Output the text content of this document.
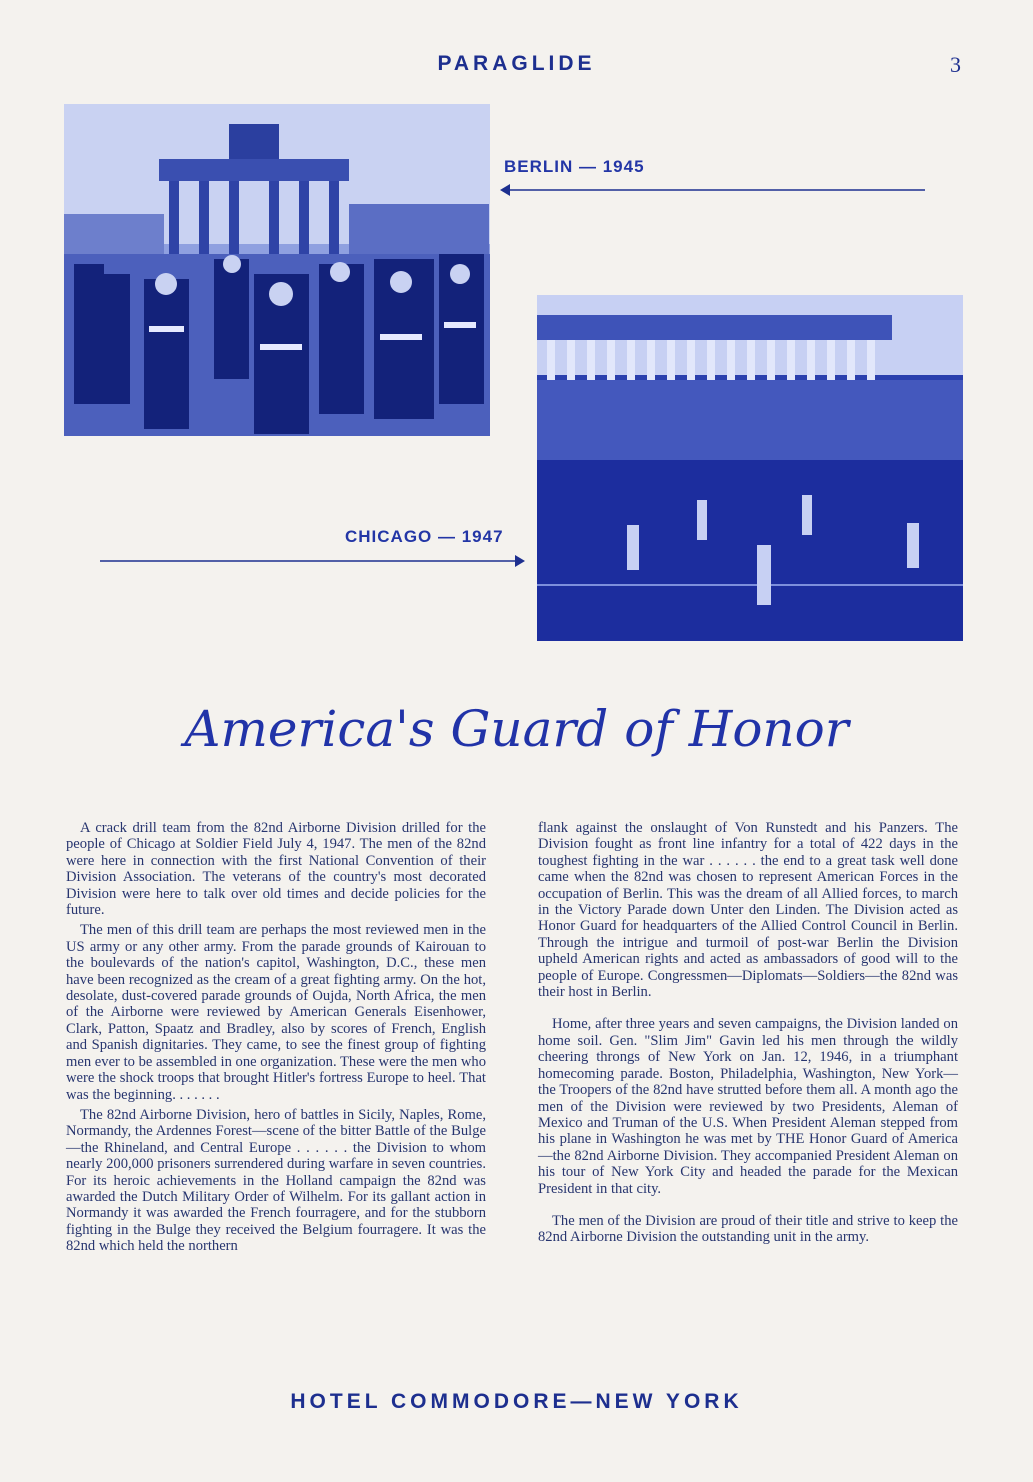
PARAGLIDE	3
BERLIN — 1945
CHICAGO — 1947
America's Guard of Honor

A crack drill team from the 82nd Airborne Division drilled for the people of Chicago at Soldier Field July 4, 1947. The men of the 82nd were here in connection with the first National Convention of their Division Association. The veterans of the country's most decorated Division were here to talk over old times and decide policies for the future.

The men of this drill team are perhaps the most reviewed men in the US army or any other army. From the parade grounds of Kairouan to the boulevards of the nation's capitol, Washington, D.C., these men have been recognized as the cream of a great fighting army. On the hot, desolate, dust-covered parade grounds of Oujda, North Africa, the men of the Airborne were reviewed by American Generals Eisenhower, Clark, Patton, Spaatz and Bradley, also by scores of French, English and Spanish dignitaries. They came, to see the finest group of fighting men ever to be assembled in one organization. These were the men who were the shock troops that brought Hitler's fortress Europe to heel. That was the beginning. . . . . . .

The 82nd Airborne Division, hero of battles in Sicily, Naples, Rome, Normandy, the Ardennes Forest—scene of the bitter Battle of the Bulge—the Rhineland, and Central Europe . . . . . . the Division to whom nearly 200,000 prisoners surrendered during warfare in seven countries. For its heroic achievements in the Holland campaign the 82nd was awarded the Dutch Military Order of Wilhelm. For its gallant action in Normandy it was awarded the French fourragere, and for the stubborn fighting in the Bulge they received the Belgium fourragere. It was the 82nd which held the northern

flank against the onslaught of Von Runstedt and his Panzers. The Division fought as front line infantry for a total of 422 days in the toughest fighting in the war . . . . . . the end to a great task well done came when the 82nd was chosen to represent American Forces in the occupation of Berlin. This was the dream of all Allied forces, to march in the Victory Parade down Unter den Linden. The Division acted as Honor Guard for headquarters of the Allied Control Council in Berlin. Through the intrigue and turmoil of post-war Berlin the Division upheld American rights and acted as ambassadors of good will to the people of Europe. Congressmen—Diplomats—Soldiers—the 82nd was their host in Berlin.

Home, after three years and seven campaigns, the Division landed on home soil. Gen. "Slim Jim" Gavin led his men through the wildly cheering throngs of New York on Jan. 12, 1946, in a triumphant homecoming parade. Boston, Philadelphia, Washington, New York—the Troopers of the 82nd have strutted before them all. A month ago the men of the Division were reviewed by two Presidents, Aleman of Mexico and Truman of the U.S. When President Aleman stepped from his plane in Washington he was met by THE Honor Guard of America—the 82nd Airborne Division. They accompanied President Aleman on his tour of New York City and headed the parade for the Mexican President in that city.

The men of the Division are proud of their title and strive to keep the 82nd Airborne Division the outstanding unit in the army.

HOTEL COMMODORE—NEW YORK
